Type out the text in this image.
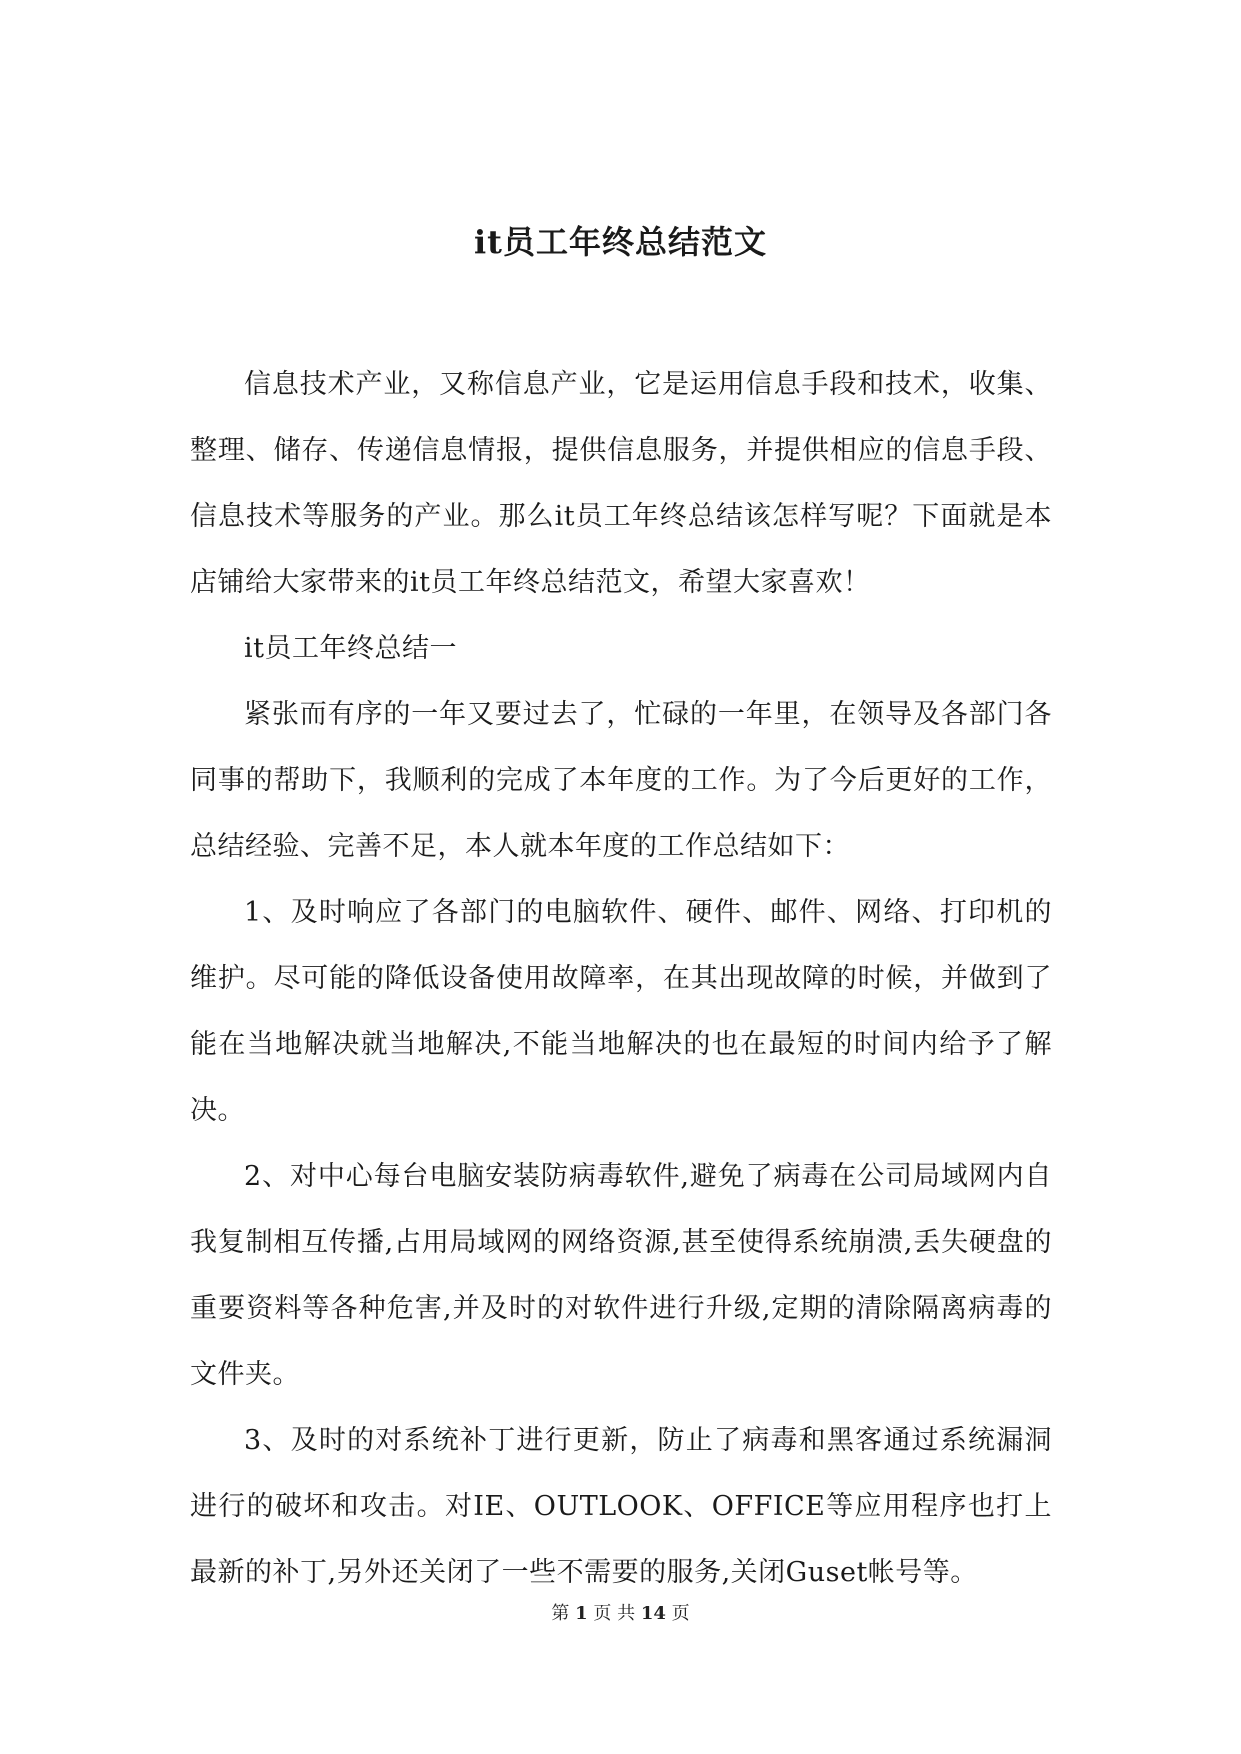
it员工年终总结范文

信息技术产业，又称信息产业，它是运用信息手段和技术，收集、整理、储存、传递信息情报，提供信息服务，并提供相应的信息手段、信息技术等服务的产业。那么it员工年终总结该怎样写呢？下面就是本店铺给大家带来的it员工年终总结范文，希望大家喜欢！

it员工年终总结一

紧张而有序的一年又要过去了，忙碌的一年里，在领导及各部门各同事的帮助下，我顺利的完成了本年度的工作。为了今后更好的工作，总结经验、完善不足，本人就本年度的工作总结如下：

1、及时响应了各部门的电脑软件、硬件、邮件、网络、打印机的维护。尽可能的降低设备使用故障率，在其出现故障的时候，并做到了能在当地解决就当地解决,不能当地解决的也在最短的时间内给予了解决。

2、对中心每台电脑安装防病毒软件,避免了病毒在公司局域网内自我复制相互传播,占用局域网的网络资源,甚至使得系统崩溃,丢失硬盘的重要资料等各种危害,并及时的对软件进行升级,定期的清除隔离病毒的文件夹。

3、及时的对系统补丁进行更新，防止了病毒和黑客通过系统漏洞进行的破坏和攻击。对IE、OUTLOOK、OFFICE等应用程序也打上最新的补丁,另外还关闭了一些不需要的服务,关闭Guset帐号等。

第 1 页 共 14 页
